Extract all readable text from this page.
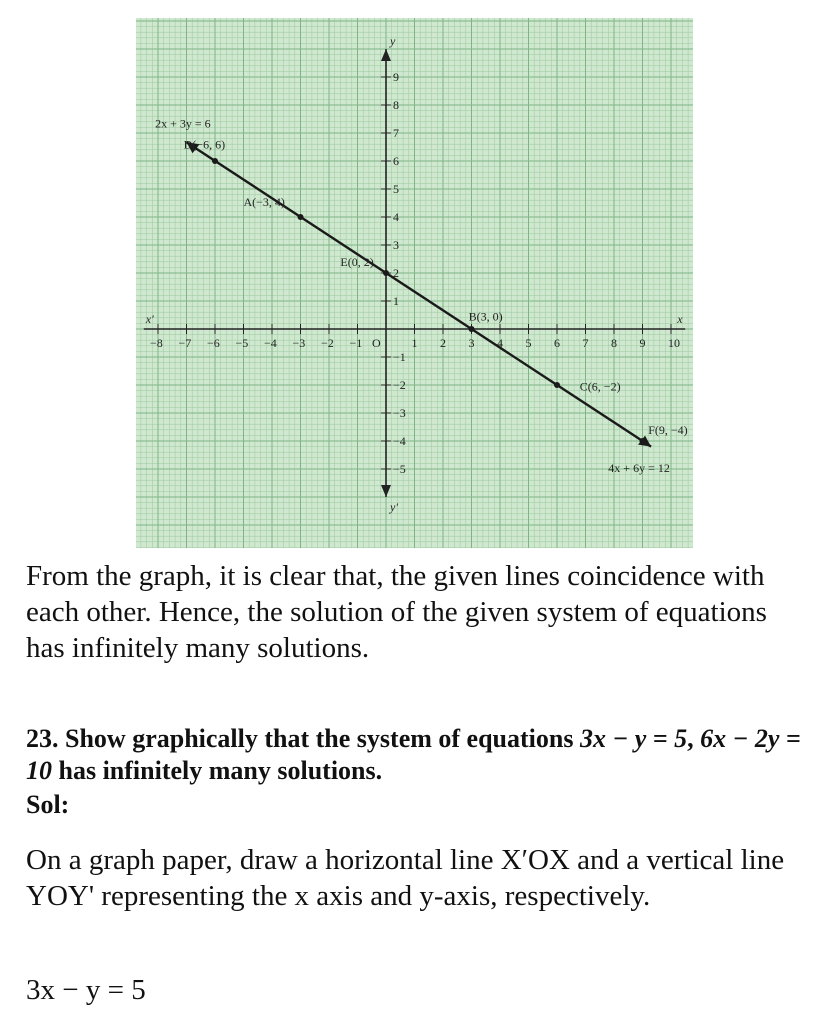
x
x'
y
y'
−8 −7 −6 −5 −4 −3 −2 −1	1 2 3 4 5 6 7 8 9 10
9
8
7
6
5
4
3
2
1
−1
−2
−3
−4
−5
O
2x + 3y = 6
4x + 6y = 12
D(−6, 6)
A(−3, 4)
E(0, 2)
B(3, 0)
C(6, −2)
F(9, −4)

From the graph, it is clear that, the given lines coincidence with each other. Hence, the solution of the given system of equations has infinitely many solutions.

23. Show graphically that the system of equations 3x − y = 5, 6x − 2y = 10 has infinitely many solutions.

Sol:

On a graph paper, draw a horizontal line X′OX and a vertical line YOY' representing the x axis and y-axis, respectively.

3x − y = 5
